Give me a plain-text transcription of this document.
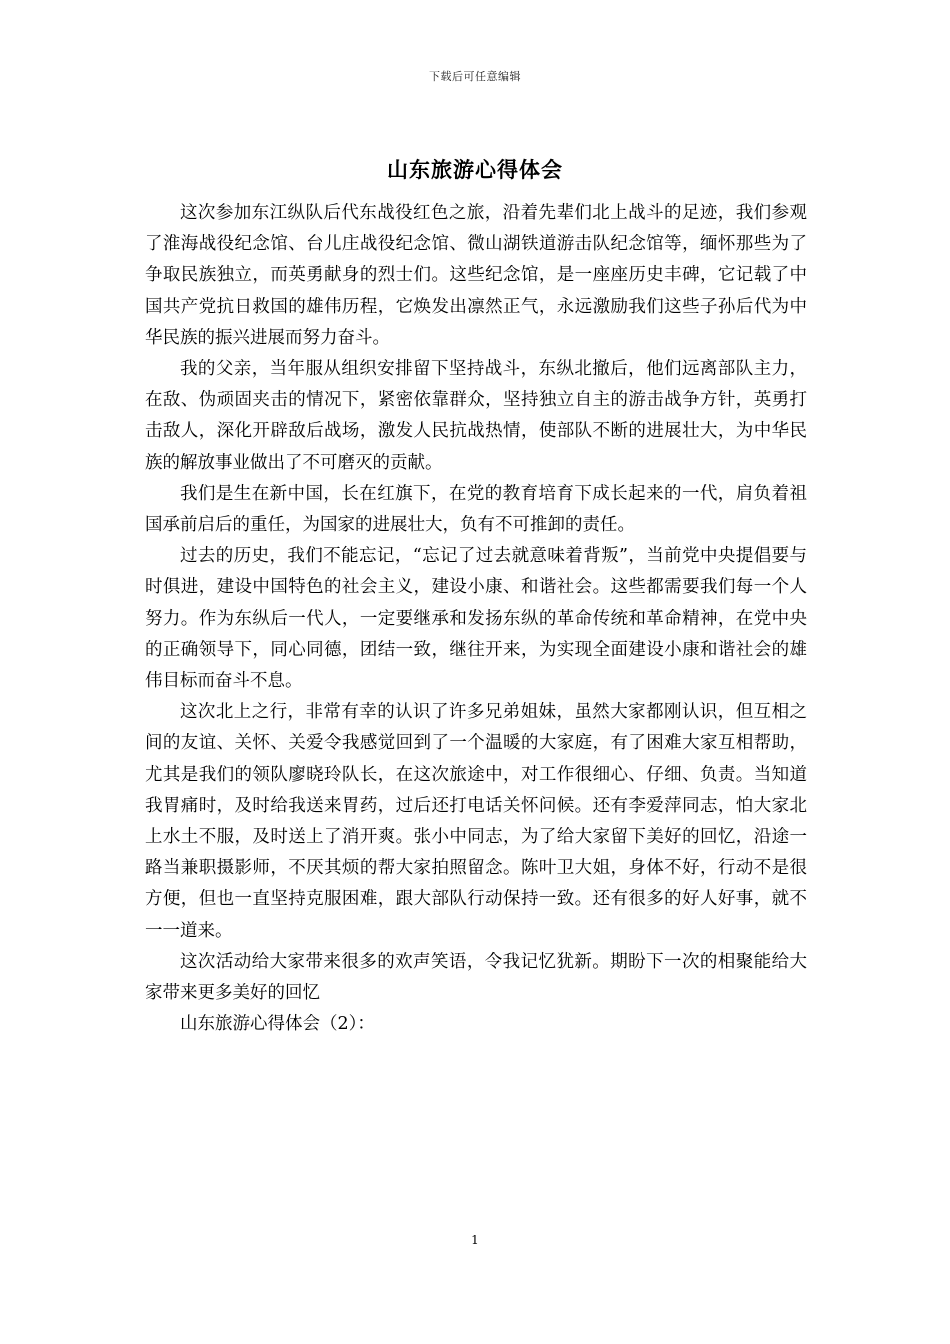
下载后可任意编辑
山东旅游心得体会

这次参加东江纵队后代东战役红色之旅，沿着先辈们北上战斗的足迹，我们参观了淮海战役纪念馆、台儿庄战役纪念馆、微山湖铁道游击队纪念馆等，缅怀那些为了争取民族独立，而英勇献身的烈士们。这些纪念馆，是一座座历史丰碑，它记载了中国共产党抗日救国的雄伟历程，它焕发出凛然正气，永远激励我们这些子孙后代为中华民族的振兴进展而努力奋斗。

我的父亲，当年服从组织安排留下坚持战斗，东纵北撤后，他们远离部队主力，在敌、伪顽固夹击的情况下，紧密依靠群众，坚持独立自主的游击战争方针，英勇打击敌人，深化开辟敌后战场，激发人民抗战热情，使部队不断的进展壮大，为中华民族的解放事业做出了不可磨灭的贡献。

我们是生在新中国，长在红旗下，在党的教育培育下成长起来的一代，肩负着祖国承前启后的重任，为国家的进展壮大，负有不可推卸的责任。

过去的历史，我们不能忘记，“忘记了过去就意味着背叛”，当前党中央提倡要与时俱进，建设中国特色的社会主义，建设小康、和谐社会。这些都需要我们每一个人努力。作为东纵后一代人，一定要继承和发扬东纵的革命传统和革命精神，在党中央的正确领导下，同心同德，团结一致，继往开来，为实现全面建设小康和谐社会的雄伟目标而奋斗不息。

这次北上之行，非常有幸的认识了许多兄弟姐妹，虽然大家都刚认识，但互相之间的友谊、关怀、关爱令我感觉回到了一个温暖的大家庭，有了困难大家互相帮助，尤其是我们的领队廖晓玲队长，在这次旅途中，对工作很细心、仔细、负责。当知道我胃痛时，及时给我送来胃药，过后还打电话关怀问候。还有李爱萍同志，怕大家北上水土不服，及时送上了消开爽。张小中同志，为了给大家留下美好的回忆，沿途一路当兼职摄影师，不厌其烦的帮大家拍照留念。陈叶卫大姐，身体不好，行动不是很方便，但也一直坚持克服困难，跟大部队行动保持一致。还有很多的好人好事，就不一一道来。

这次活动给大家带来很多的欢声笑语，令我记忆犹新。期盼下一次的相聚能给大家带来更多美好的回忆

山东旅游心得体会（2）：

1
